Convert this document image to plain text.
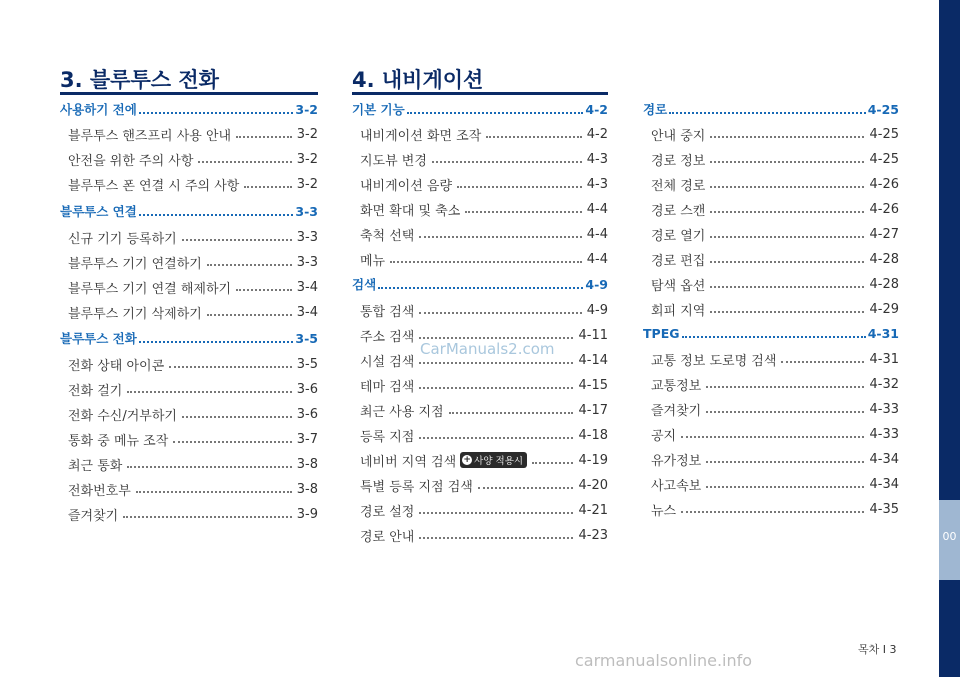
3. 블루투스 전화
사용하기 전에	3-2
블루투스 핸즈프리 사용 안내	3-2
안전을 위한 주의 사항	3-2
블루투스 폰 연결 시 주의 사항	3-2
블루투스 연결	3-3
신규 기기 등록하기	3-3
블루투스 기기 연결하기	3-3
블루투스 기기 연결 해제하기	3-4
블루투스 기기 삭제하기	3-4
블루투스 전화	3-5
전화 상태 아이콘	3-5
전화 걸기	3-6
전화 수신/거부하기	3-6
통화 중 메뉴 조작	3-7
최근 통화	3-8
전화번호부	3-8
즐겨찾기	3-9
4. 내비게이션
기본 기능	4-2
내비게이션 화면 조작	4-2
지도뷰 변경	4-3
내비게이션 음량	4-3
화면 확대 및 축소	4-4
축척 선택	4-4
메뉴	4-4
검색	4-9
통합 검색	4-9
주소 검색	4-11
시설 검색	4-14
테마 검색	4-15
최근 사용 지점	4-17
등록 지점	4-18
네비버 지역 검색 + 사양 적용시	4-19
특별 등록 지점 검색	4-20
경로 설정	4-21
경로 안내	4-23
경로	4-25
안내 중지	4-25
경로 정보	4-25
전체 경로	4-26
경로 스캔	4-26
경로 열기	4-27
경로 편집	4-28
탐색 옵션	4-28
회피 지역	4-29
TPEG	4-31
교통 정보 도로명 검색	4-31
교통정보	4-32
즐겨찾기	4-33
공지	4-33
유가정보	4-34
사고속보	4-34
뉴스	4-35
00
목차 I 3
CarManuals2.com
carmanualsonline.info
